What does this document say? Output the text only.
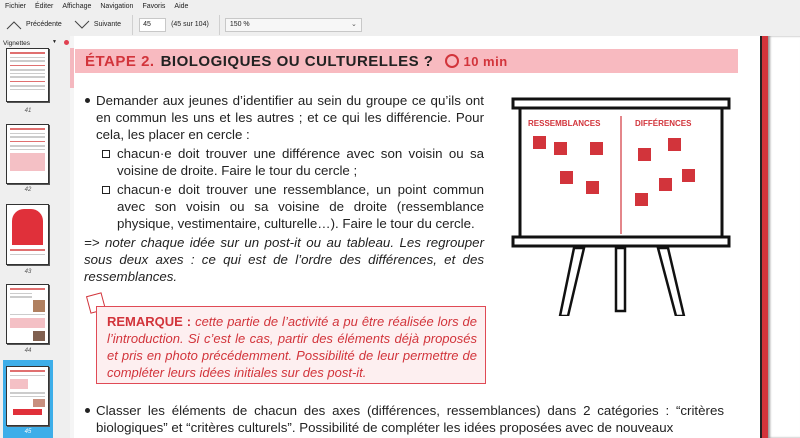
Fichier Éditer Affichage Navigation Favoris Aide
Précédente	Suivante	45	(45 sur 104)	150 %	⌄
Vignettes	▼
41
42
43
44
45
ÉTAPE 2. BIOLOGIQUES OU CULTURELLES ? 10 min
Demander aux jeunes d’identifier au sein du groupe ce qu’ils ont en commun les uns et les autres ; et ce qui les différencie. Pour cela, les placer en cercle :
chacun·e doit trouver une différence avec son voisin ou sa voisine de droite. Faire le tour du cercle ;
chacun·e doit trouver une ressemblance, un point commun avec son voisin ou sa voisine de droite (ressemblance physique, vestimentaire, culturelle…). Faire le tour du cercle.
=> noter chaque idée sur un post-it ou au tableau. Les regrouper sous deux axes : ce qui est de l’ordre des différences, et des ressemblances.
REMARQUE : cette partie de l’activité a pu être réalisée lors de l’introduction. Si c’est le cas, partir des éléments déjà proposés et pris en photo précédemment. Possibilité de leur permettre de compléter leurs idées initiales sur des post-it.
Classer les éléments de chacun des axes (différences, ressemblances) dans 2 catégories : “critères biologiques” et “critères culturels”. Possibilité de compléter les idées proposées avec de nouveaux
RESSEMBLANCES	DIFFÉRENCES
